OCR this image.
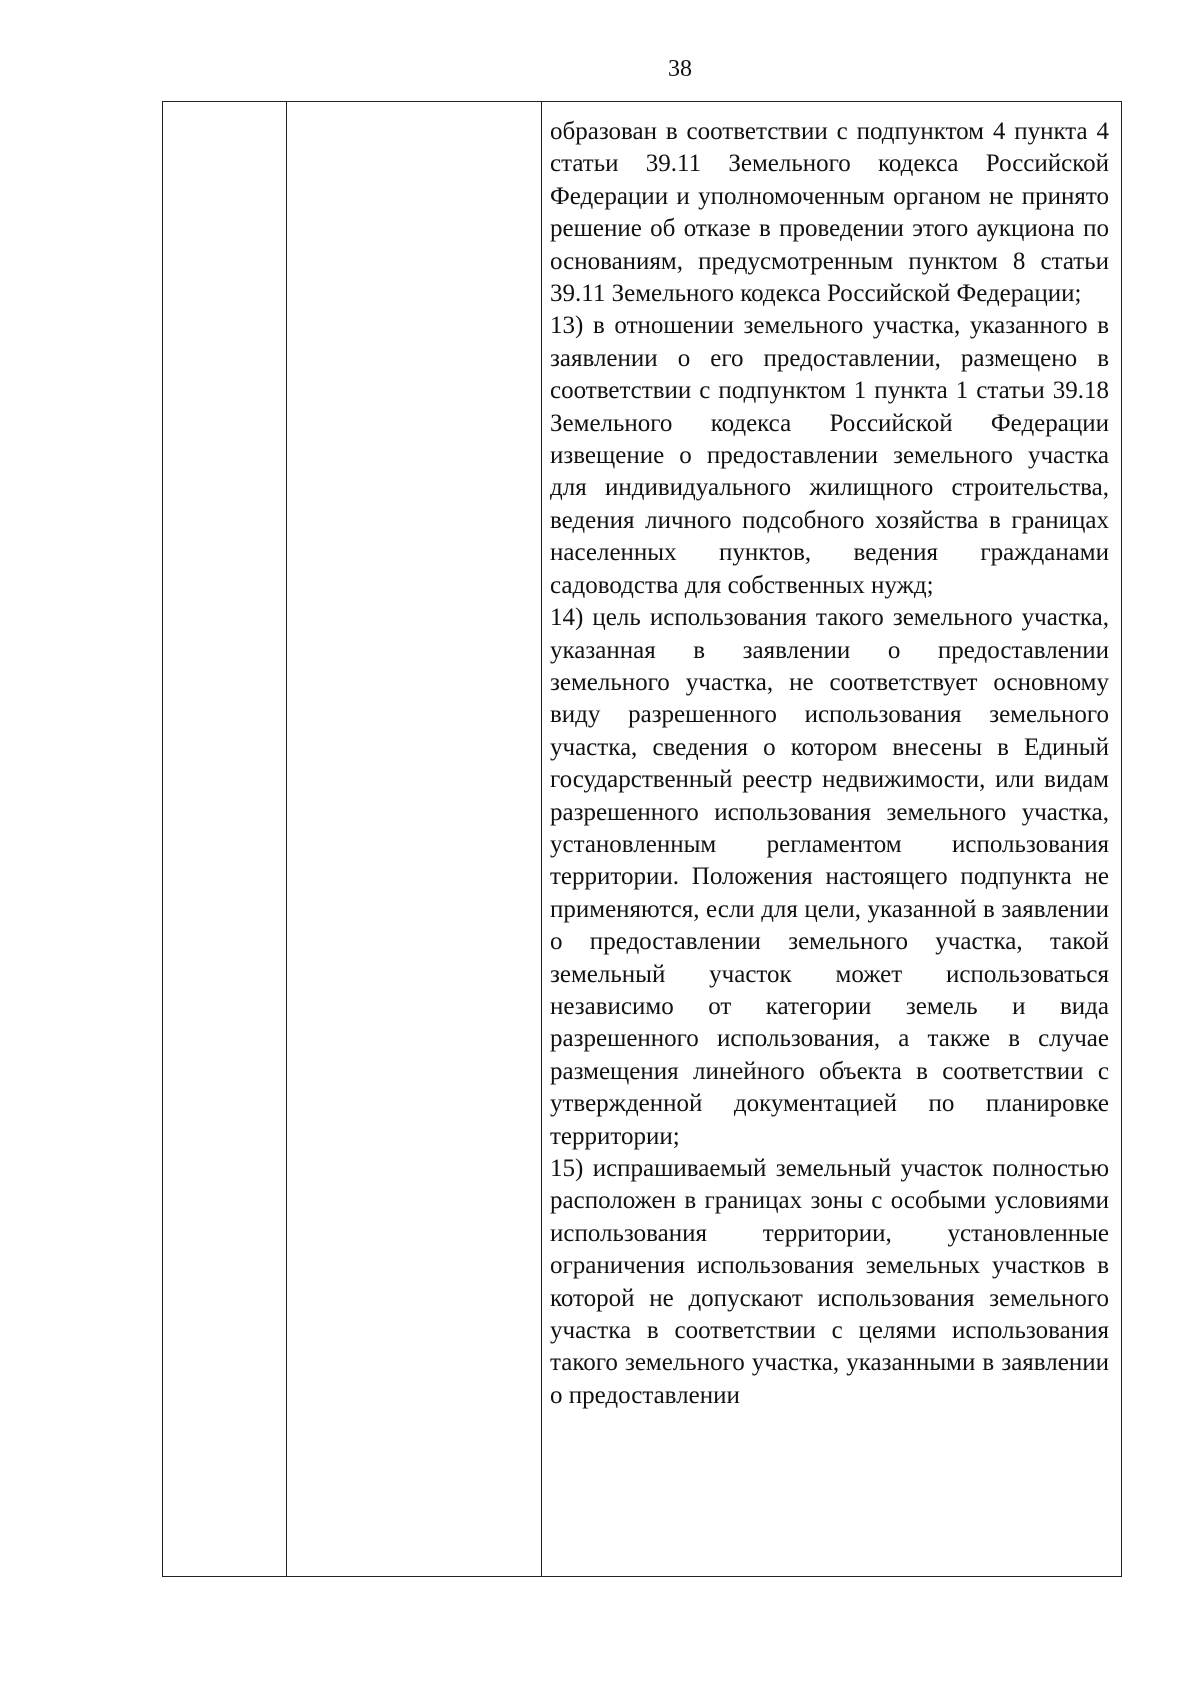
38

образован в соответствии с подпунктом 4 пункта 4 статьи 39.11 Земельного кодекса Российской Федерации и уполномоченным органом не принято решение об отказе в проведении этого аукциона по основаниям, предусмотренным пунктом 8 статьи 39.11 Земельного кодекса Российской Федерации;

13) в отношении земельного участка, указанного в заявлении о его предоставлении, размещено в соответствии с подпунктом 1 пункта 1 статьи 39.18 Земельного кодекса Российской Федерации извещение о предоставлении земельного участка для индивидуального жилищного строительства, ведения личного подсобного хозяйства в границах населенных пунктов, ведения гражданами садоводства для собственных нужд;

14) цель использования такого земельного участка, указанная в заявлении о предоставлении земельного участка, не соответствует основному виду разрешенного использования земельного участка, сведения о котором внесены в Единый государственный реестр недвижимости, или видам разрешенного использования земельного участка, установленным регламентом использования территории. Положения настоящего подпункта не применяются, если для цели, указанной в заявлении о предоставлении земельного участка, такой земельный участок может использоваться независимо от категории земель и вида разрешенного использования, а также в случае размещения линейного объекта в соответствии с утвержденной документацией по планировке территории;

15) испрашиваемый земельный участок полностью расположен в границах зоны с особыми условиями использования территории, установленные ограничения использования земельных участков в которой не допускают использования земельного участка в соответствии с целями использования такого земельного участка, указанными в заявлении о предоставлении
